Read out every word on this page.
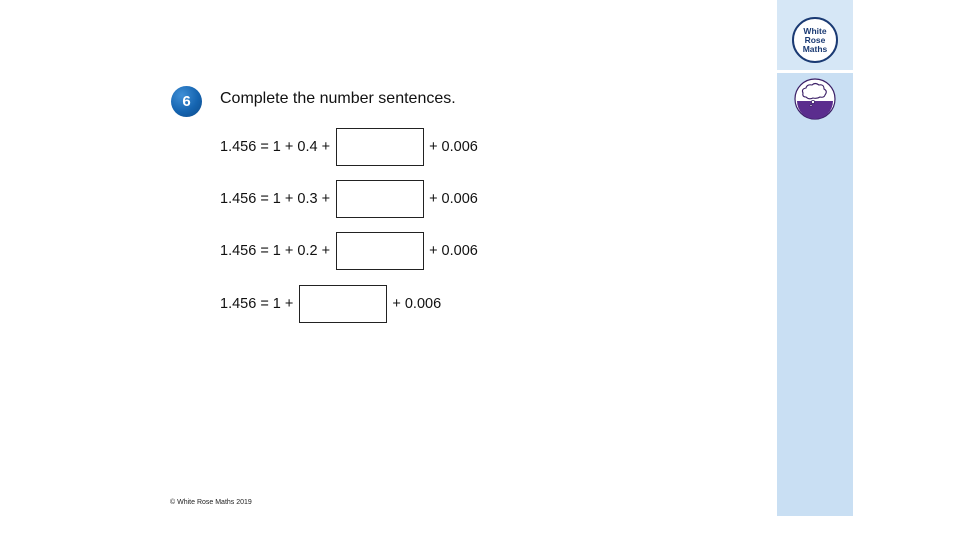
6 Complete the number sentences.
1.456 = 1 + 0.4 +	+ 0.006
1.456 = 1 + 0.3 +	+ 0.006
1.456 = 1 + 0.2 +	+ 0.006
1.456 = 1 +	+ 0.006
© White Rose Maths 2019
White
Rose
Maths
